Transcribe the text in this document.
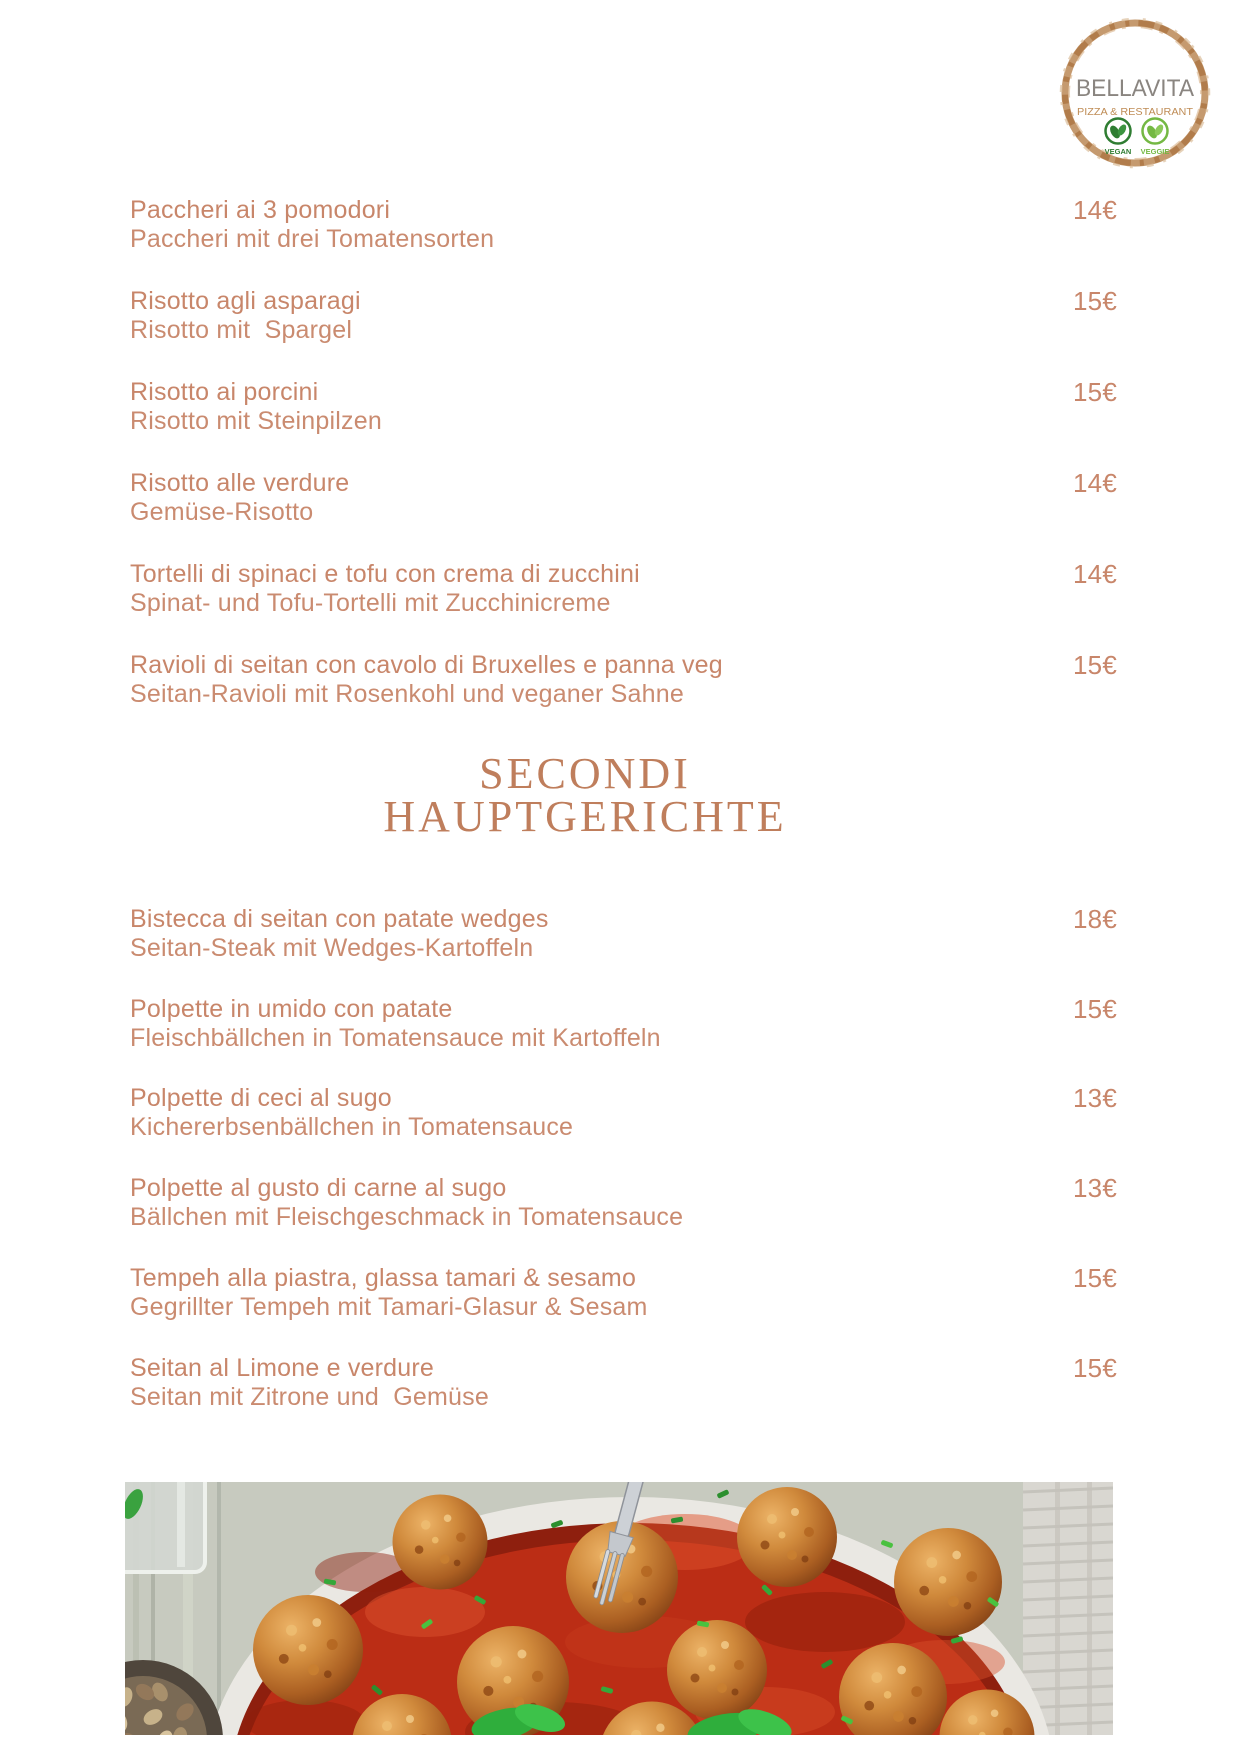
BELLAVITA
PIZZA & RESTAURANT
VEGAN VEGGIE
Paccheri ai 3 pomodori
Paccheri mit drei Tomatensorten
14€
Risotto agli asparagi
Risotto mit  Spargel
15€
Risotto ai porcini
Risotto mit Steinpilzen
15€
Risotto alle verdure
Gemüse-Risotto
14€
Tortelli di spinaci e tofu con crema di zucchini
Spinat- und Tofu-Tortelli mit Zucchinicreme
14€
Ravioli di seitan con cavolo di Bruxelles e panna veg
Seitan-Ravioli mit Rosenkohl und veganer Sahne
15€
SECONDI
HAUPTGERICHTE
Bistecca di seitan con patate wedges
Seitan-Steak mit Wedges-Kartoffeln
18€
Polpette in umido con patate
Fleischbällchen in Tomatensauce mit Kartoffeln
15€
Polpette di ceci al sugo
Kichererbsenbällchen in Tomatensauce
13€
Polpette al gusto di carne al sugo
Bällchen mit Fleischgeschmack in Tomatensauce
13€
Tempeh alla piastra, glassa tamari & sesamo
Gegrillter Tempeh mit Tamari-Glasur & Sesam
15€
Seitan al Limone e verdure
Seitan mit Zitrone und  Gemüse
15€
